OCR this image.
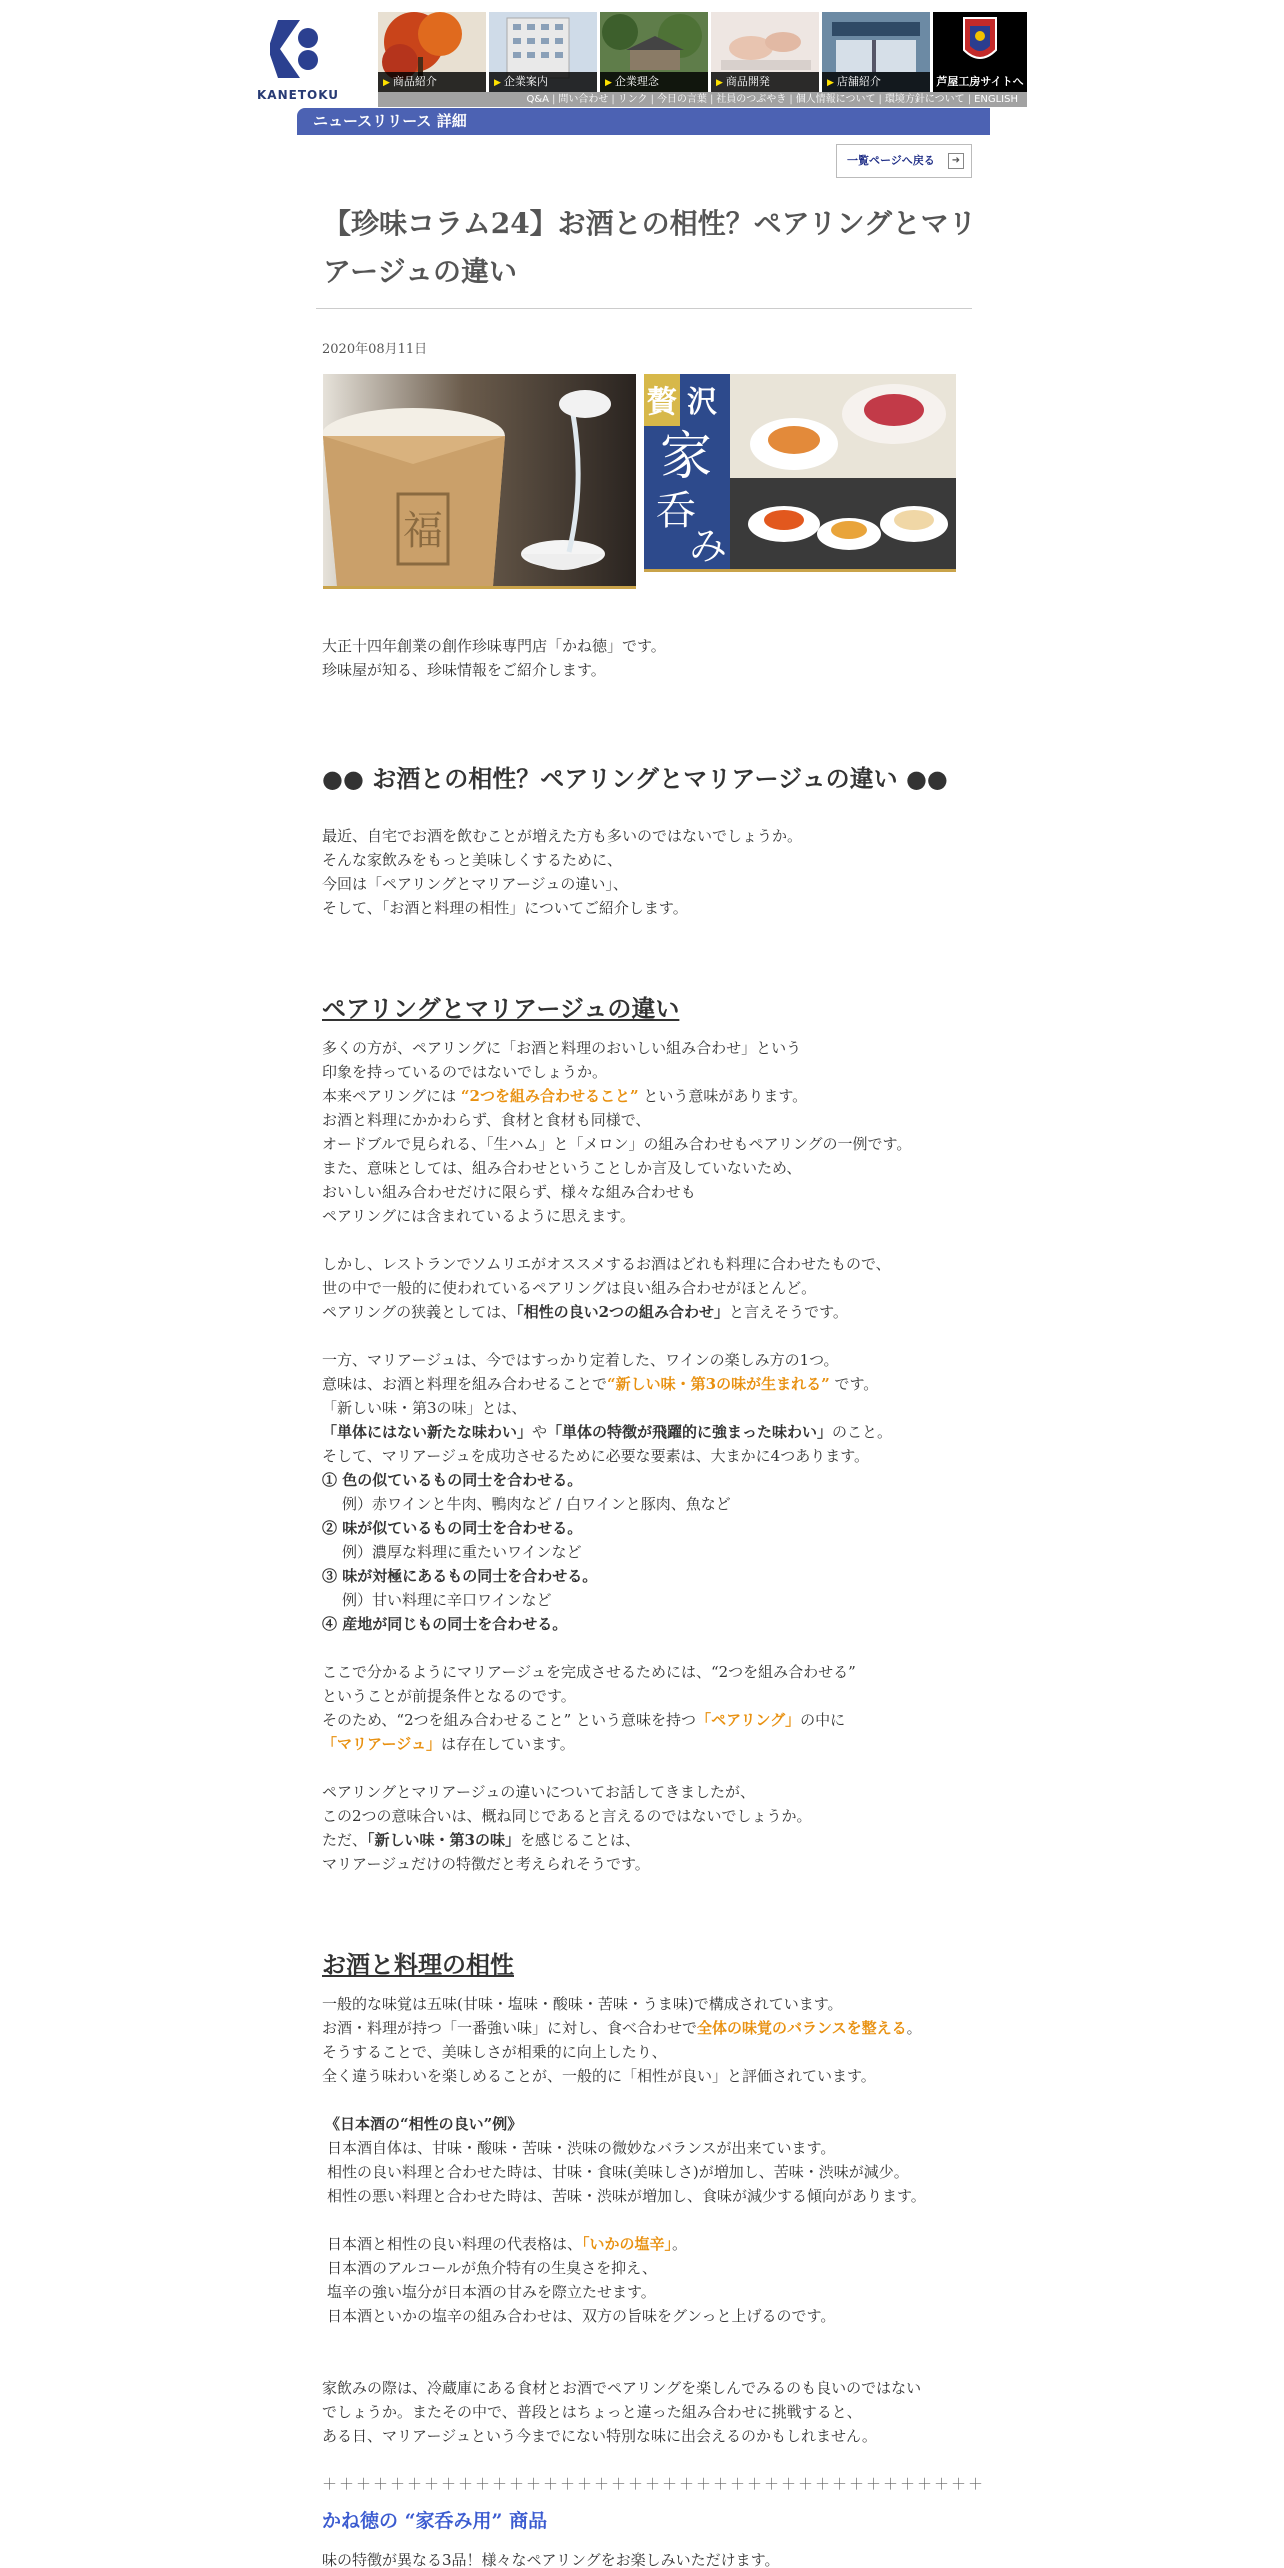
KANETOKU
▶ 商品紹介	▶ 企業案内	▶ 企業理念	▶ 商品開発	▶ 店舗紹介	芦屋工房サイトへ
Q&A | 問い合わせ | リンク | 今日の言葉 | 社員のつぶやき | 個人情報について | 環境方針について | ENGLISH
ニュースリリース 詳細
一覧ページへ戻る	➜
【珍味コラム24】お酒との相性？ペアリングとマリアージュの違い
2020年08月11日
福
贅 沢
家
呑
み

大正十四年創業の創作珍味専門店「かね徳」です。

珍味屋が知る、珍味情報をご紹介します。

●● お酒との相性？ペアリングとマリアージュの違い ●●

最近、自宅でお酒を飲むことが増えた方も多いのではないでしょうか。

そんな家飲みをもっと美味しくするために、

今回は「ペアリングとマリアージュの違い」、

そして、「お酒と料理の相性」についてご紹介します。

ペアリングとマリアージュの違い

多くの方が、ペアリングに「お酒と料理のおいしい組み合わせ」という

印象を持っているのではないでしょうか。

本来ペアリングには “2つを組み合わせること” という意味があります。

お酒と料理にかかわらず、食材と食材も同様で、

オードブルで見られる、「生ハム」と「メロン」の組み合わせもペアリングの一例です。

また、意味としては、組み合わせということしか言及していないため、

おいしい組み合わせだけに限らず、様々な組み合わせも

ペアリングには含まれているように思えます。

しかし、レストランでソムリエがオススメするお酒はどれも料理に合わせたもので、

世の中で一般的に使われているペアリングは良い組み合わせがほとんど。

ペアリングの狭義としては、「相性の良い2つの組み合わせ」と言えそうです。

一方、マリアージュは、今ではすっかり定着した、ワインの楽しみ方の1つ。

意味は、お酒と料理を組み合わせることで“新しい味・第3の味が生まれる” です。

「新しい味・第3の味」とは、

「単体にはない新たな味わい」や「単体の特徴が飛躍的に強まった味わい」のこと。

そして、マリアージュを成功させるために必要な要素は、大まかに4つあります。

① 色の似ているもの同士を合わせる。

例）赤ワインと牛肉、鴨肉など / 白ワインと豚肉、魚など

② 味が似ているもの同士を合わせる。

例）濃厚な料理に重たいワインなど

③ 味が対極にあるもの同士を合わせる。

例）甘い料理に辛口ワインなど

④ 産地が同じもの同士を合わせる。

ここで分かるようにマリアージュを完成させるためには、“2つを組み合わせる”

ということが前提条件となるのです。

そのため、“2つを組み合わせること” という意味を持つ「ペアリング」の中に

「マリアージュ」は存在しています。

ペアリングとマリアージュの違いについてお話してきましたが、

この2つの意味合いは、概ね同じであると言えるのではないでしょうか。

ただ、「新しい味・第3の味」を感じることは、

マリアージュだけの特徴だと考えられそうです。

お酒と料理の相性

一般的な味覚は五味(甘味・塩味・酸味・苦味・うま味)で構成されています。

お酒・料理が持つ「一番強い味」に対し、食べ合わせで全体の味覚のバランスを整える。

そうすることで、美味しさが相乗的に向上したり、

全く違う味わいを楽しめることが、一般的に「相性が良い」と評価されています。

《日本酒の“相性の良い”例》

日本酒自体は、甘味・酸味・苦味・渋味の微妙なバランスが出来ています。

相性の良い料理と合わせた時は、甘味・食味(美味しさ)が増加し、苦味・渋味が減少。

相性の悪い料理と合わせた時は、苦味・渋味が増加し、食味が減少する傾向があります。

日本酒と相性の良い料理の代表格は、「いかの塩辛」。

日本酒のアルコールが魚介特有の生臭さを抑え、

塩辛の強い塩分が日本酒の甘みを際立たせます。

日本酒といかの塩辛の組み合わせは、双方の旨味をグンっと上げるのです。

家飲みの際は、冷蔵庫にある食材とお酒でペアリングを楽しんでみるのも良いのではない

でしょうか。またその中で、普段とはちょっと違った組み合わせに挑戦すると、

ある日、マリアージュという今までにない特別な味に出会えるのかもしれません。

＋＋＋＋＋＋＋＋＋＋＋＋＋＋＋＋＋＋＋＋＋＋＋＋＋＋＋＋＋＋＋＋＋＋＋＋＋＋＋

かね徳の “家呑み用” 商品

味の特徴が異なる3品！様々なペアリングをお楽しみいただけます。
